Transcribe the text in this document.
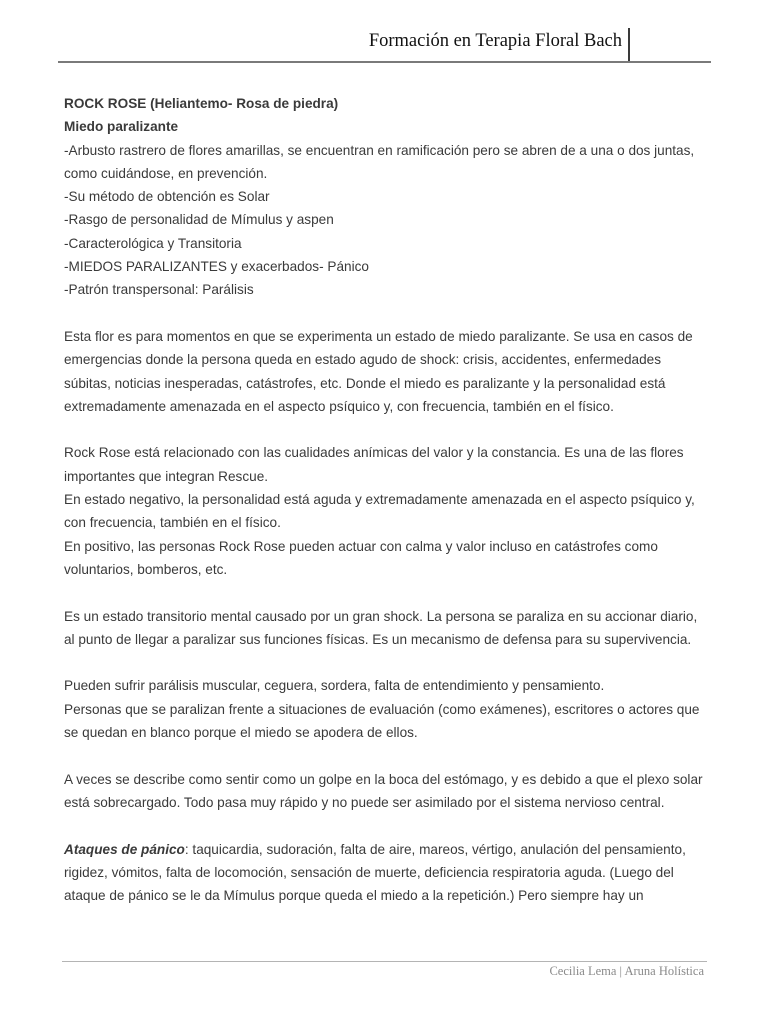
Formación en Terapia Floral Bach

ROCK ROSE (Heliantemo- Rosa de piedra)

Miedo paralizante

-Arbusto rastrero de flores amarillas, se encuentran en ramificación pero se abren de a una o dos juntas, como cuidándose, en prevención.

-Su método de obtención es Solar

-Rasgo de personalidad de Mímulus y aspen

-Caracterológica y Transitoria

-MIEDOS PARALIZANTES y exacerbados- Pánico

-Patrón transpersonal: Parálisis

Esta flor es para momentos en que se experimenta un estado de miedo paralizante. Se usa en casos de emergencias donde la persona queda en estado agudo de shock: crisis, accidentes, enfermedades súbitas, noticias inesperadas, catástrofes, etc. Donde el miedo es paralizante y la personalidad está extremadamente amenazada en el aspecto psíquico y, con frecuencia, también en el físico.

Rock Rose está relacionado con las cualidades anímicas del valor y la constancia. Es una de las flores importantes que integran Rescue.

En estado negativo, la personalidad está aguda y extremadamente amenazada en el aspecto psíquico y, con frecuencia, también en el físico.

En positivo, las personas Rock Rose pueden actuar con calma y valor incluso en catástrofes como voluntarios, bomberos, etc.

Es un estado transitorio mental causado por un gran shock. La persona se paraliza en su accionar diario, al punto de llegar a paralizar sus funciones físicas. Es un mecanismo de defensa para su supervivencia.

Pueden sufrir parálisis muscular, ceguera, sordera, falta de entendimiento y pensamiento.

Personas que se paralizan frente a situaciones de evaluación (como exámenes), escritores o actores que se quedan en blanco porque el miedo se apodera de ellos.

A veces se describe como sentir como un golpe en la boca del estómago, y es debido a que el plexo solar está sobrecargado. Todo pasa muy rápido y no puede ser asimilado por el sistema nervioso central.

Ataques de pánico: taquicardia, sudoración, falta de aire, mareos, vértigo, anulación del pensamiento, rigidez, vómitos, falta de locomoción, sensación de muerte, deficiencia respiratoria aguda. (Luego del ataque de pánico se le da Mímulus porque queda el miedo a la repetición.) Pero siempre hay un

Cecilia Lema | Aruna Holística
